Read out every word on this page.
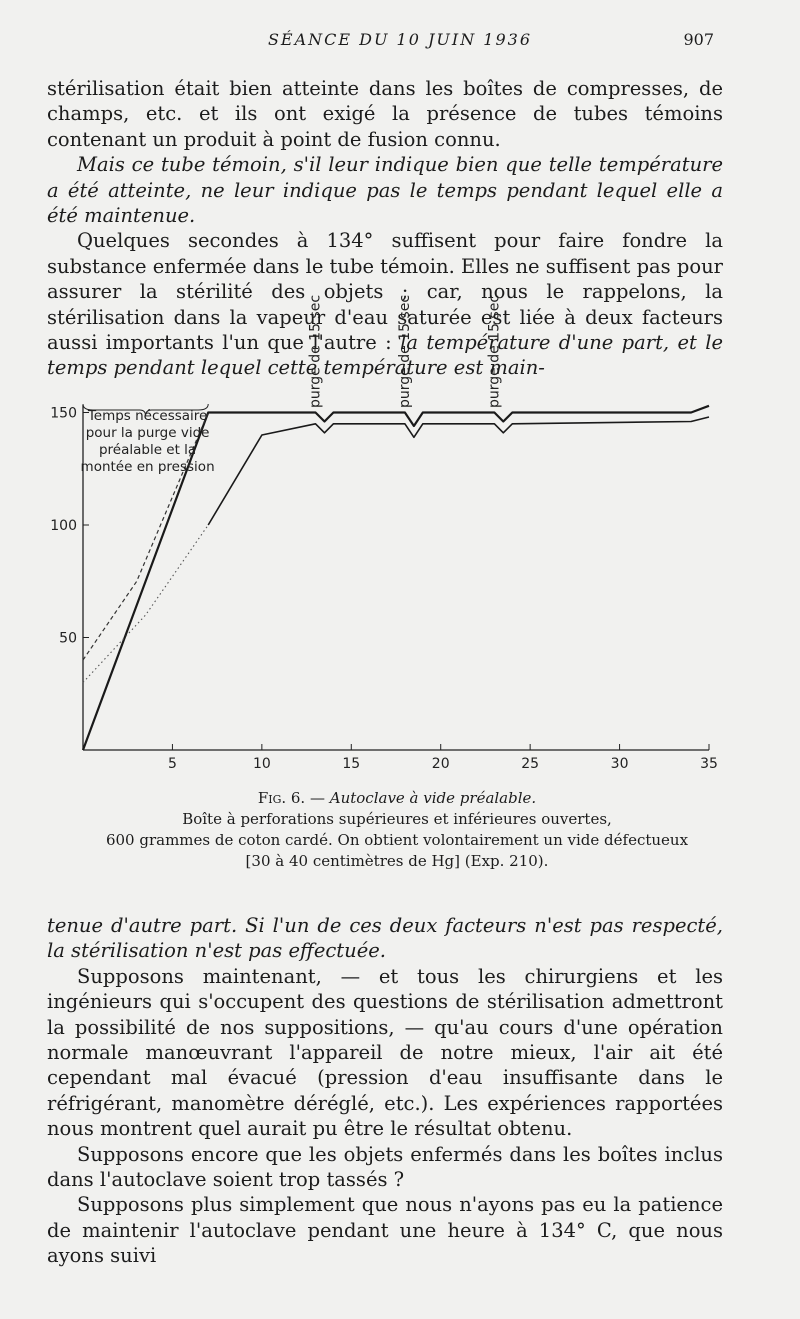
SÉANCE DU 10 JUIN 1936	907

stérilisation était bien atteinte dans les boîtes de compresses, de champs, etc. et ils ont exigé la présence de tubes témoins contenant un produit à point de fusion connu.

Mais ce tube témoin, s'il leur indique bien que telle température a été atteinte, ne leur indique pas le temps pendant lequel elle a été maintenue.

Quelques secondes à 134° suffisent pour faire fondre la substance enfermée dans le tube témoin. Elles ne suffisent pas pour assurer la stérilité des objets ; car, nous le rappelons, la stérilisation dans la vapeur d'eau saturée est liée à deux facteurs aussi importants l'un que l'autre : la température d'une part, et le temps pendant lequel cette température est main-

5	10	15	20	25	30	35
50
100
150 Temps nécessaire
pour la purge vide
préalable et la
montée en pression
purge de 15 sec	purge de 15 sec	purge de 15 sec

Fig. 6. — Autoclave à vide préalable.

Boîte à perforations supérieures et inférieures ouvertes,

600 grammes de coton cardé. On obtient volontairement un vide défectueux

[30 à 40 centimètres de Hg] (Exp. 210).

tenue d'autre part. Si l'un de ces deux facteurs n'est pas respecté, la stérilisation n'est pas effectuée.

Supposons maintenant, — et tous les chirurgiens et les ingénieurs qui s'occupent des questions de stérilisation admettront la possibilité de nos suppositions, — qu'au cours d'une opération normale manœuvrant l'appareil de notre mieux, l'air ait été cependant mal évacué (pression d'eau insuffisante dans le réfrigérant, manomètre déréglé, etc.). Les expériences rapportées nous montrent quel aurait pu être le résultat obtenu.

Supposons encore que les objets enfermés dans les boîtes inclus dans l'autoclave soient trop tassés ?

Supposons plus simplement que nous n'ayons pas eu la patience de maintenir l'autoclave pendant une heure à 134° C, que nous ayons suivi
